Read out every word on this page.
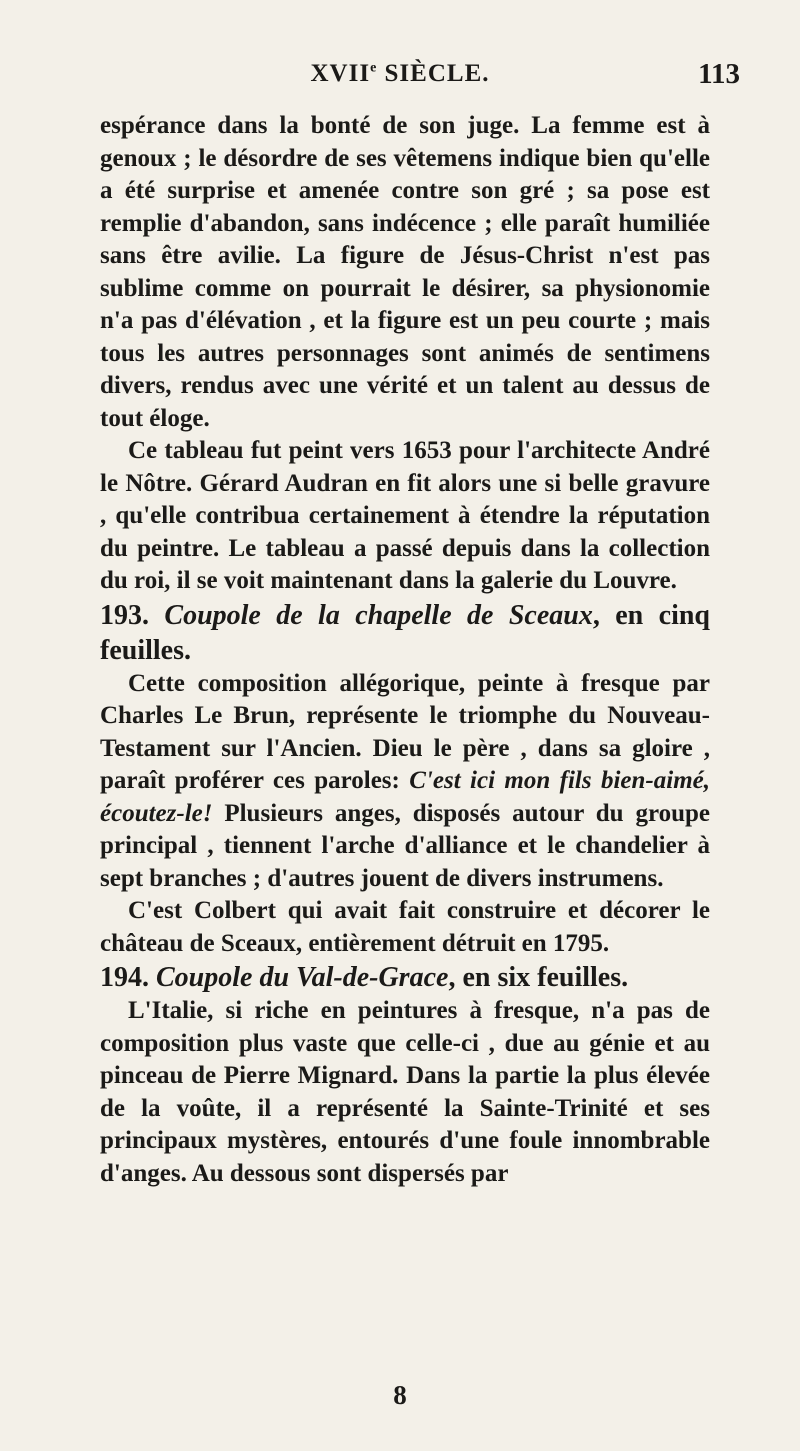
XVIIe SIÈCLE.	113

espérance dans la bonté de son juge. La femme est à genoux ; le désordre de ses vêtemens indique bien qu'elle a été surprise et amenée contre son gré ; sa pose est remplie d'abandon, sans indécence ; elle paraît humiliée sans être avilie. La figure de Jésus-Christ n'est pas sublime comme on pourrait le désirer, sa physionomie n'a pas d'élévation , et la figure est un peu courte ; mais tous les autres personnages sont animés de sentimens divers, rendus avec une vérité et un talent au dessus de tout éloge.

Ce tableau fut peint vers 1653 pour l'architecte André le Nôtre. Gérard Audran en fit alors une si belle gravure , qu'elle contribua certainement à étendre la réputation du peintre. Le tableau a passé depuis dans la collection du roi, il se voit maintenant dans la galerie du Louvre.

193. Coupole de la chapelle de Sceaux, en cinq feuilles.

Cette composition allégorique, peinte à fresque par Charles Le Brun, représente le triomphe du Nouveau-Testament sur l'Ancien. Dieu le père , dans sa gloire , paraît proférer ces paroles: C'est ici mon fils bien-aimé, écoutez-le! Plusieurs anges, disposés autour du groupe principal , tiennent l'arche d'alliance et le chandelier à sept branches ; d'autres jouent de divers instrumens.

C'est Colbert qui avait fait construire et décorer le château de Sceaux, entièrement détruit en 1795.

194. Coupole du Val-de-Grace, en six feuilles.

L'Italie, si riche en peintures à fresque, n'a pas de composition plus vaste que celle-ci , due au génie et au pinceau de Pierre Mignard. Dans la partie la plus élevée de la voûte, il a représenté la Sainte-Trinité et ses principaux mystères, entourés d'une foule innombrable d'anges. Au dessous sont dispersés par

8
